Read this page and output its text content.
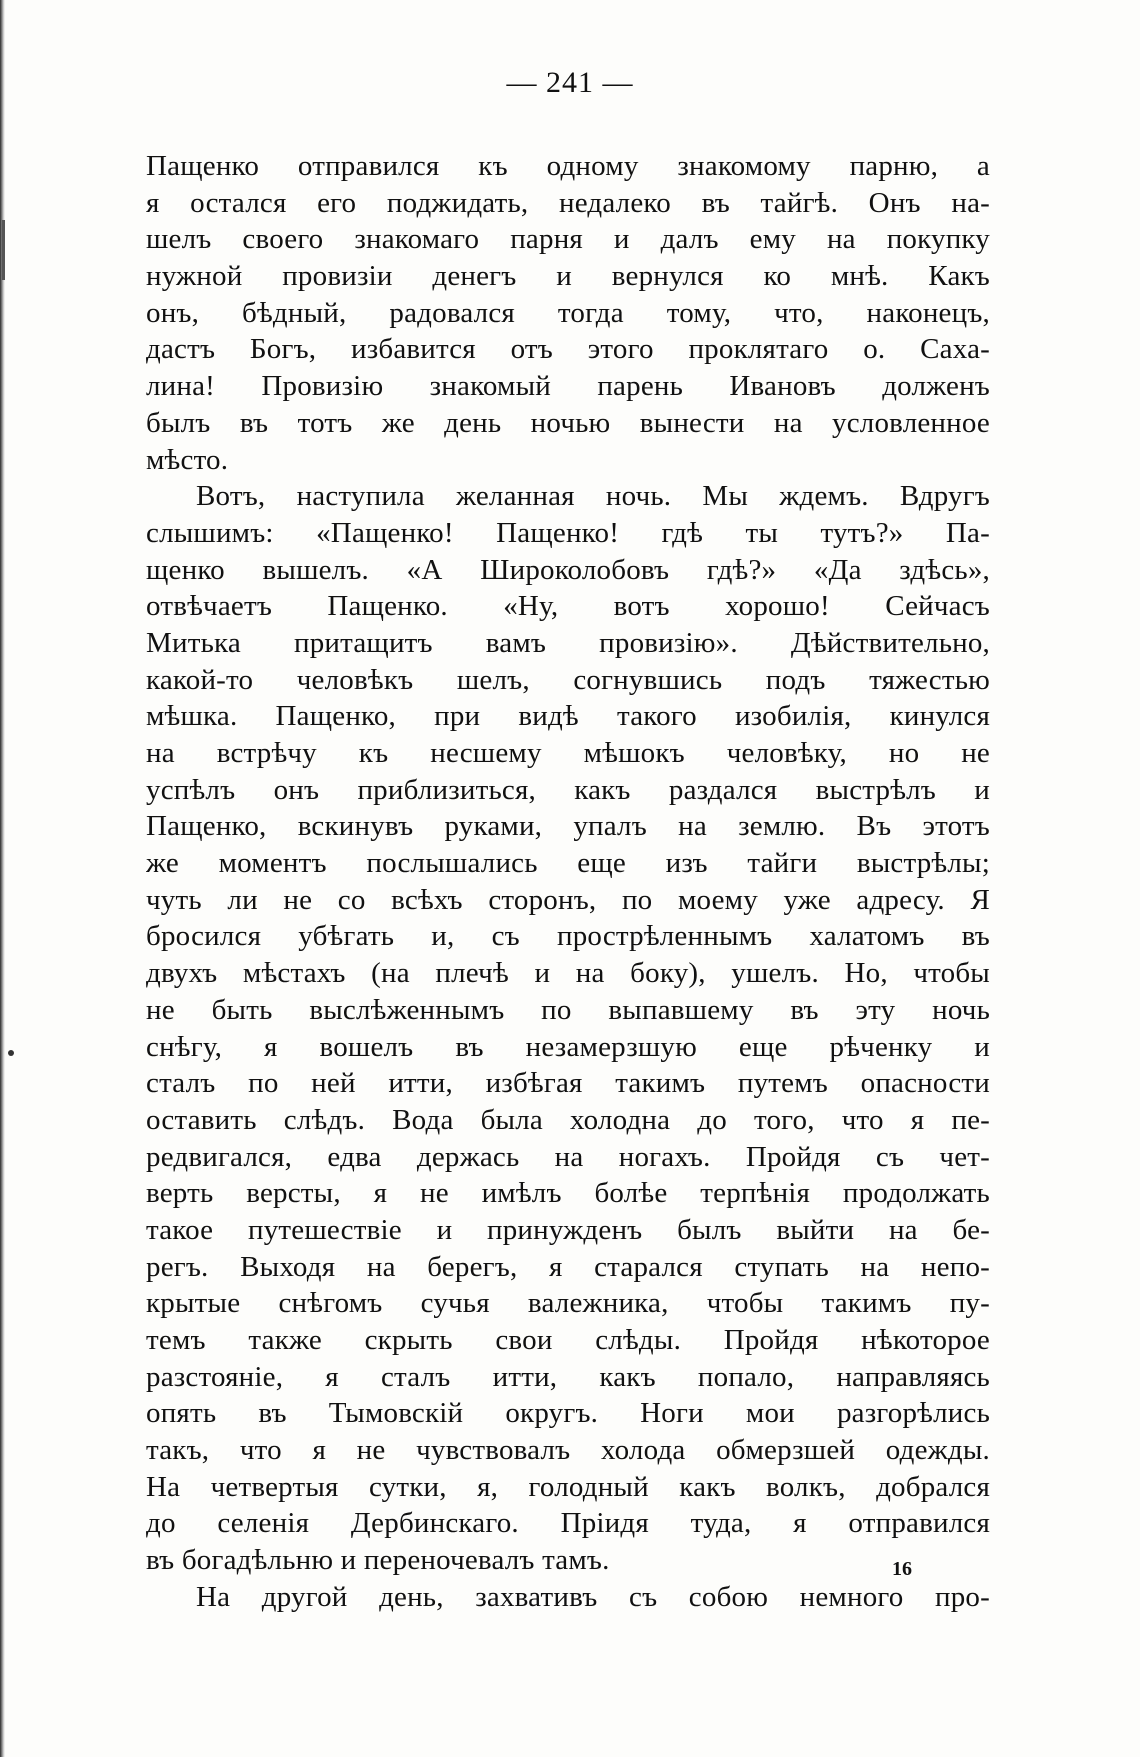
— 241 —
Пащенко отправился къ одному знакомому парню, а
я остался его поджидать, недалеко въ тайгѣ. Онъ на-
шелъ своего знакомаго парня и далъ ему на покупку
нужной провизіи денегъ и вернулся ко мнѣ. Какъ
онъ, бѣдный, радовался тогда тому, что, наконецъ,
дастъ Богъ, избавится отъ этого проклятаго о. Саха-
лина! Провизію знакомый парень Ивановъ долженъ
былъ въ тотъ же день ночью вынести на условленное
мѣсто.
Вотъ, наступила желанная ночь. Мы ждемъ. Вдругъ
слышимъ: «Пащенко! Пащенко! гдѣ ты тутъ?» Па-
щенко вышелъ. «А Широколобовъ гдѣ?» «Да здѣсь»,
отвѣчаетъ Пащенко. «Ну, вотъ хорошо! Сейчасъ
Митька притащитъ вамъ провизію». Дѣйствительно,
какой-то человѣкъ шелъ, согнувшись подъ тяжестью
мѣшка. Пащенко, при видѣ такого изобилія, кинулся
на встрѣчу къ несшему мѣшокъ человѣку, но не
успѣлъ онъ приблизиться, какъ раздался выстрѣлъ и
Пащенко, вскинувъ руками, упалъ на землю. Въ этотъ
же моментъ послышались еще изъ тайги выстрѣлы;
чуть ли не со всѣхъ сторонъ, по моему уже адресу. Я
бросился убѣгать и, съ прострѣленнымъ халатомъ въ
двухъ мѣстахъ (на плечѣ и на боку), ушелъ. Но, чтобы
не быть выслѣженнымъ по выпавшему въ эту ночь
снѣгу, я вошелъ въ незамерзшую еще рѣченку и
сталъ по ней итти, избѣгая такимъ путемъ опасности
оставить слѣдъ. Вода была холодна до того, что я пе-
редвигался, едва держась на ногахъ. Пройдя съ чет-
верть версты, я не имѣлъ болѣе терпѣнія продолжать
такое путешествіе и принужденъ былъ выйти на бе-
регъ. Выходя на берегъ, я старался ступать на непо-
крытые снѣгомъ сучья валежника, чтобы такимъ пу-
темъ также скрыть свои слѣды. Пройдя нѣкоторое
разстояніе, я сталъ итти, какъ попало, направляясь
опять въ Тымовскій округъ. Ноги мои разгорѣлись
такъ, что я не чувствовалъ холода обмерзшей одежды.
На четвертыя сутки, я, голодный какъ волкъ, добрался
до селенія Дербинскаго. Пріидя туда, я отправился
въ богадѣльню и переночевалъ тамъ.
На другой день, захвативъ съ собою немного про-
16
